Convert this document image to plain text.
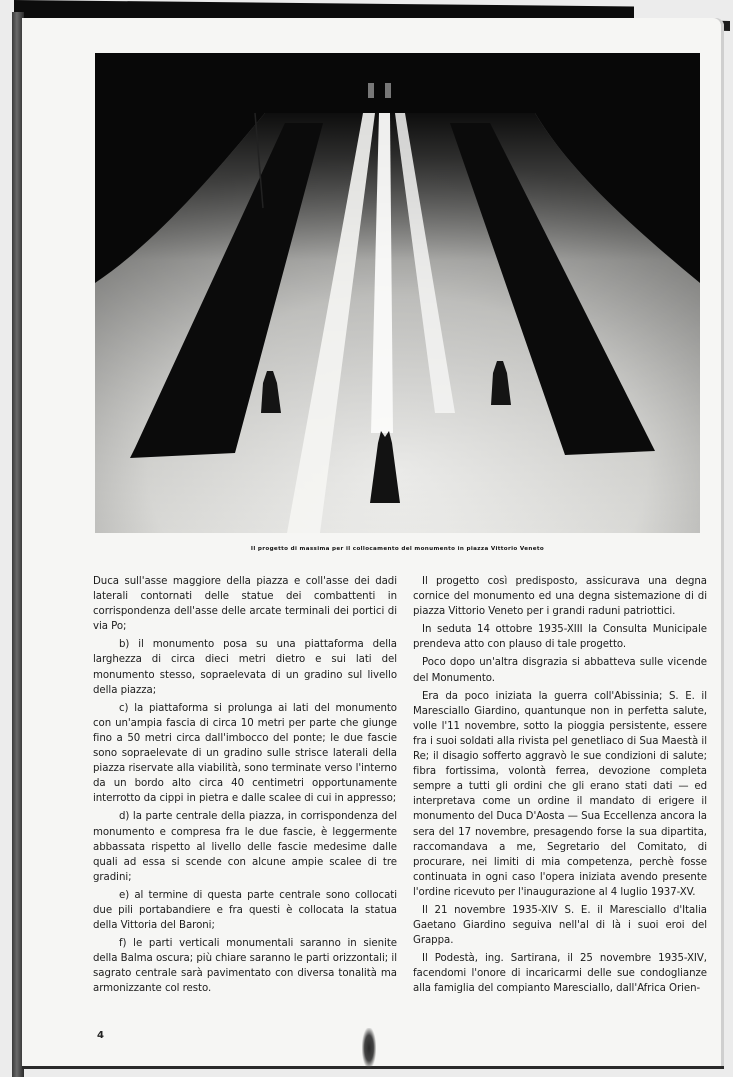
Il progetto di massima per il collocamento del monumento in piazza Vittorio Veneto

Duca sull'asse maggiore della piazza e coll'asse dei dadi laterali contornati delle statue dei combattenti in corrispondenza dell'asse delle arcate terminali dei portici di via Po;

b) il monumento posa su una piattaforma della larghezza di circa dieci metri dietro e sui lati del monumento stesso, sopraelevata di un gradino sul livello della piazza;

c) la piattaforma si prolunga ai lati del monumento con un'ampia fascia di circa 10 metri per parte che giunge fino a 50 metri circa dall'imbocco del ponte; le due fascie sono sopraelevate di un gradino sulle strisce laterali della piazza riservate alla viabilità, sono terminate verso l'interno da un bordo alto circa 40 centimetri opportunamente interrotto da cippi in pietra e dalle scalee di cui in appresso;

d) la parte centrale della piazza, in corrispondenza del monumento e compresa fra le due fascie, è leggermente abbassata rispetto al livello delle fascie medesime dalle quali ad essa si scende con alcune ampie scalee di tre gradini;

e) al termine di questa parte centrale sono collocati due pili portabandiere e fra questi è collocata la statua della Vittoria del Baroni;

f) le parti verticali monumentali saranno in sienite della Balma oscura; più chiare saranno le parti orizzontali; il sagrato centrale sarà pavimentato con diversa tonalità ma armonizzante col resto.

Il progetto così predisposto, assicurava una degna cornice del monumento ed una degna sistemazione di di piazza Vittorio Veneto per i grandi raduni patriottici.

In seduta 14 ottobre 1935-XIII la Consulta Municipale prendeva atto con plauso di tale progetto.

Poco dopo un'altra disgrazia si abbatteva sulle vicende del Monumento.

Era da poco iniziata la guerra coll'Abissinia; S. E. il Maresciallo Giardino, quantunque non in perfetta salute, volle l'11 novembre, sotto la pioggia persistente, essere fra i suoi soldati alla rivista pel genetliaco di Sua Maestà il Re; il disagio sofferto aggravò le sue condizioni di salute; fibra fortissima, volontà ferrea, devozione completa sempre a tutti gli ordini che gli erano stati dati — ed interpretava come un ordine il mandato di erigere il monumento del Duca D'Aosta — Sua Eccellenza ancora la sera del 17 novembre, presagendo forse la sua dipartita, raccomandava a me, Segretario del Comitato, di procurare, nei limiti di mia competenza, perchè fosse continuata in ogni caso l'opera iniziata avendo presente l'ordine ricevuto per l'inaugurazione al 4 luglio 1937-XV.

Il 21 novembre 1935-XIV S. E. il Maresciallo d'Italia Gaetano Giardino seguiva nell'al di là i suoi eroi del Grappa.

Il Podestà, ing. Sartirana, il 25 novembre 1935-XIV, facendomi l'onore di incaricarmi delle sue condoglianze alla famiglia del compianto Maresciallo, dall'Africa Orien-

4
